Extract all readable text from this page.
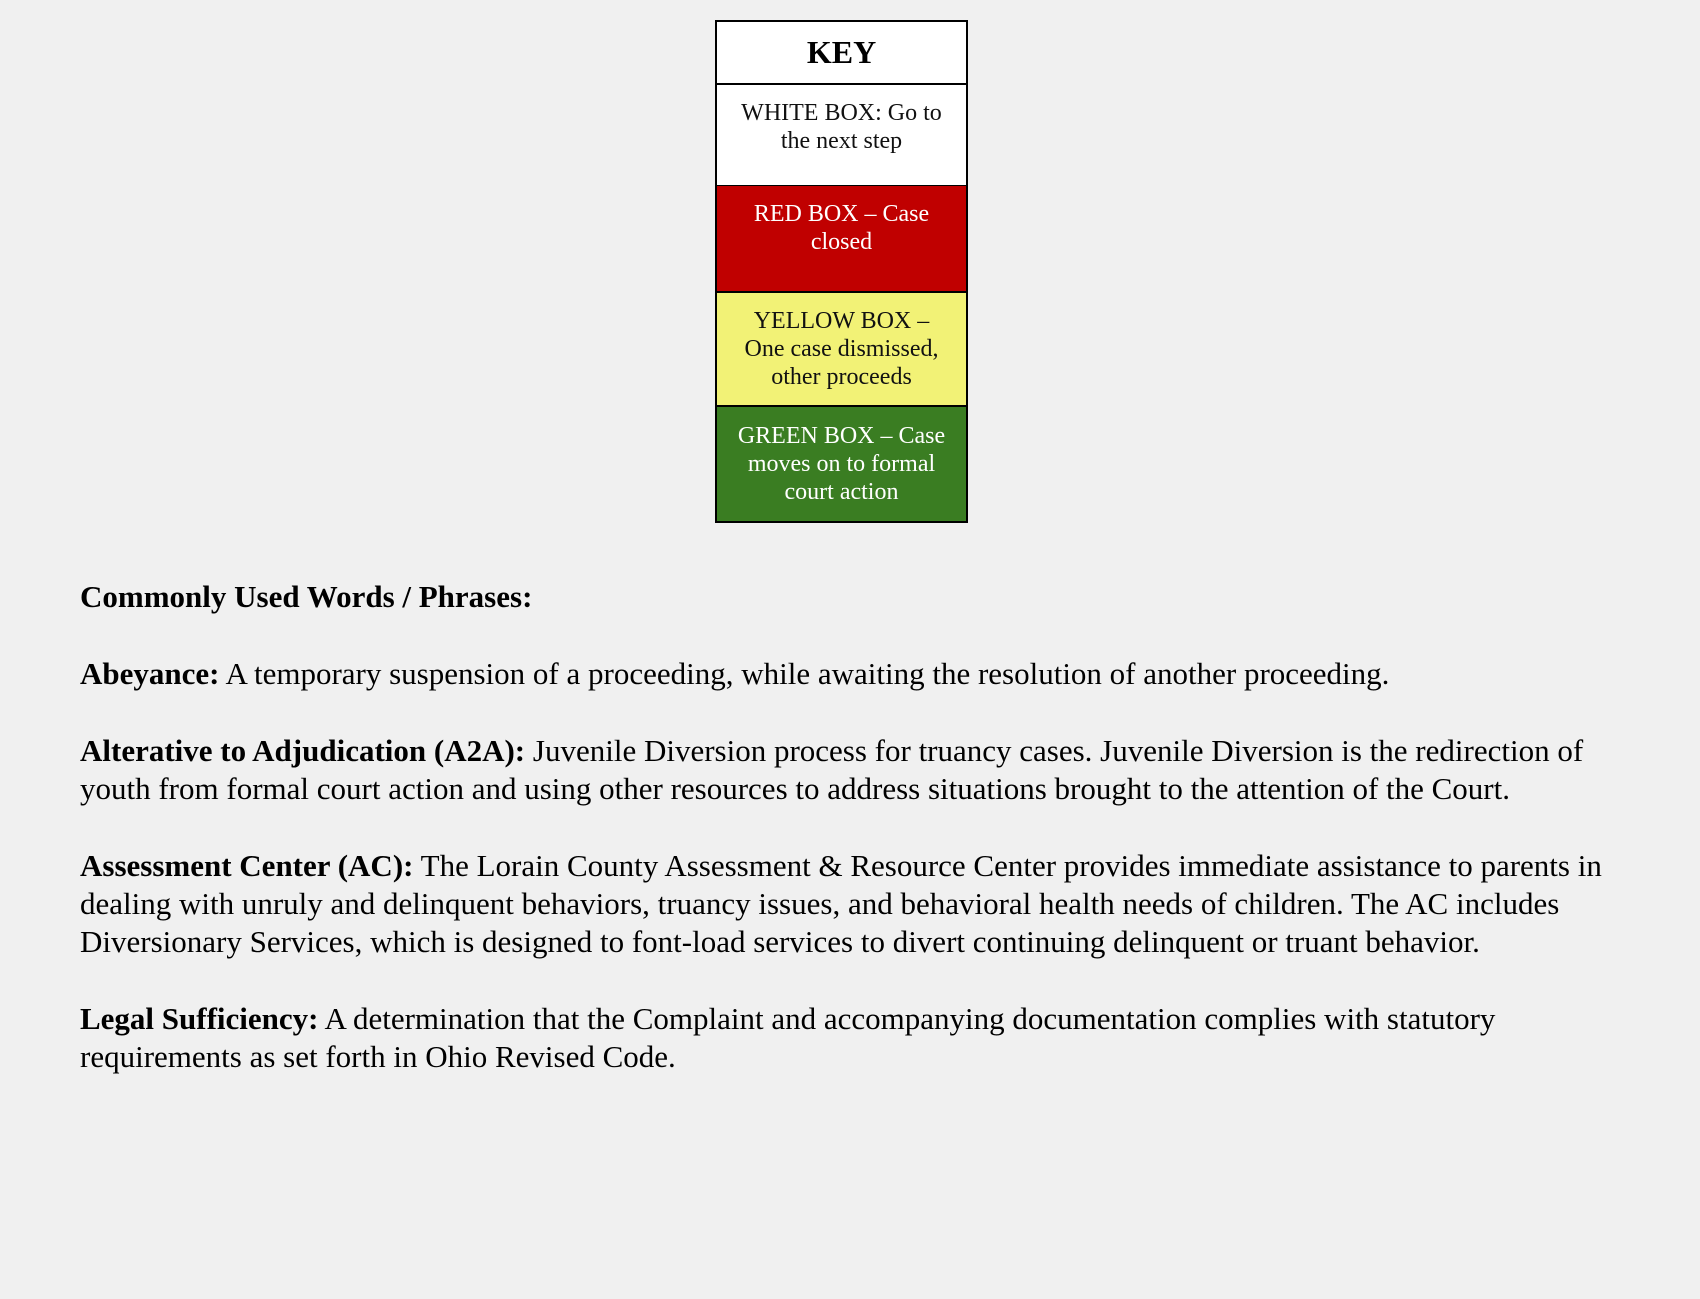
KEY
WHITE BOX: Go to the next step
RED BOX – Case closed
YELLOW BOX – One case dismissed, other proceeds
GREEN BOX – Case moves on to formal court action

Commonly Used Words / Phrases:

Abeyance: A temporary suspension of a proceeding, while awaiting the resolution of another proceeding.

Alterative to Adjudication (A2A): Juvenile Diversion process for truancy cases. Juvenile Diversion is the redirection of youth from formal court action and using other resources to address situations brought to the attention of the Court.

Assessment Center (AC): The Lorain County Assessment & Resource Center provides immediate assistance to parents in dealing with unruly and delinquent behaviors, truancy issues, and behavioral health needs of children. The AC includes Diversionary Services, which is designed to font-load services to divert continuing delinquent or truant behavior.

Legal Sufficiency: A determination that the Complaint and accompanying documentation complies with statutory requirements as set forth in Ohio Revised Code.
